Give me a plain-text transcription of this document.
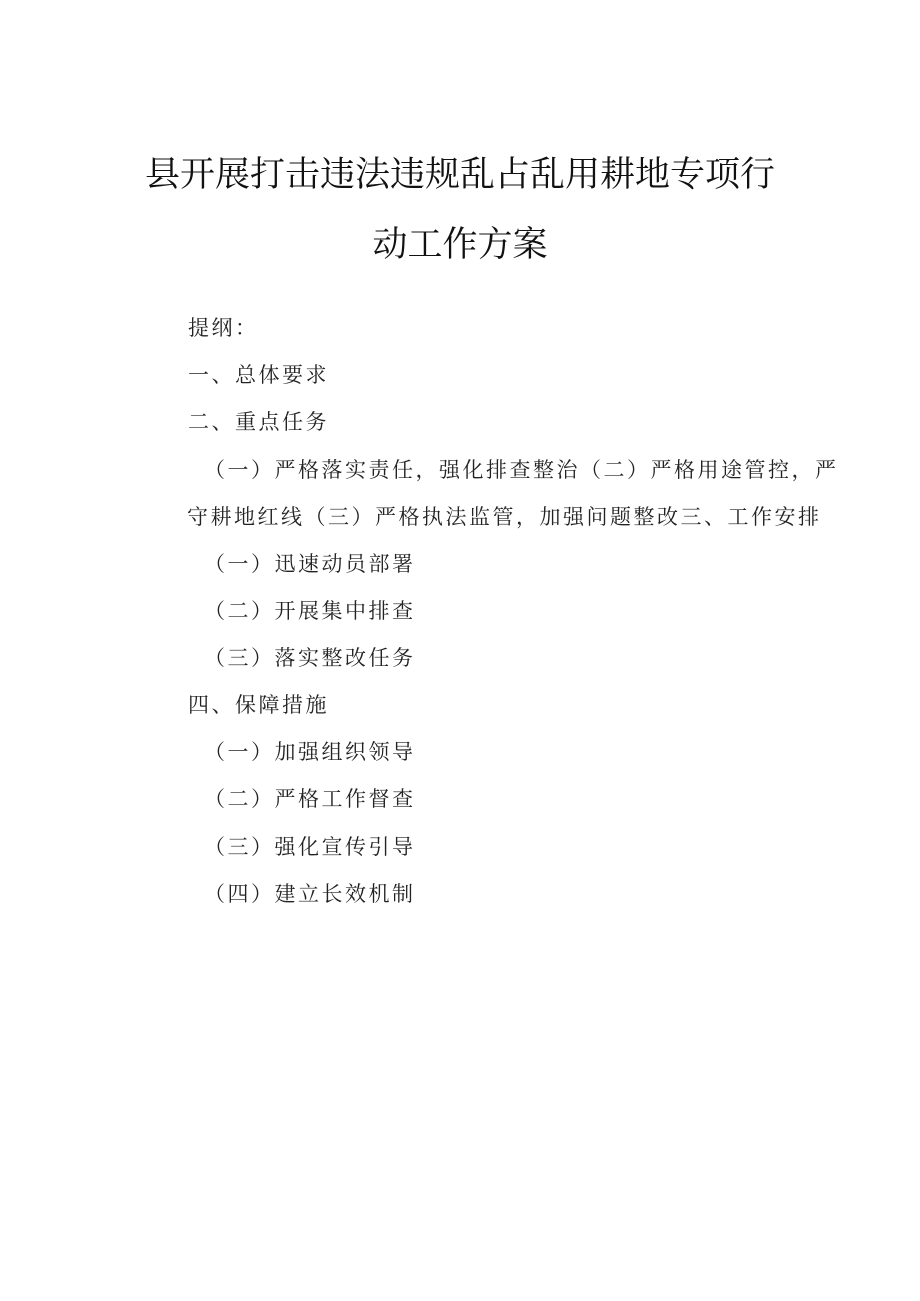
县开展打击违法违规乱占乱用耕地专项行
动工作方案
提纲：
一、总体要求
二、重点任务
（一）严格落实责任，强化排查整治（二）严格用途管控，严
守耕地红线（三）严格执法监管，加强问题整改三、工作安排
（一）迅速动员部署
（二）开展集中排查
（三）落实整改任务
四、保障措施
（一）加强组织领导
（二）严格工作督查
（三）强化宣传引导
（四）建立长效机制
